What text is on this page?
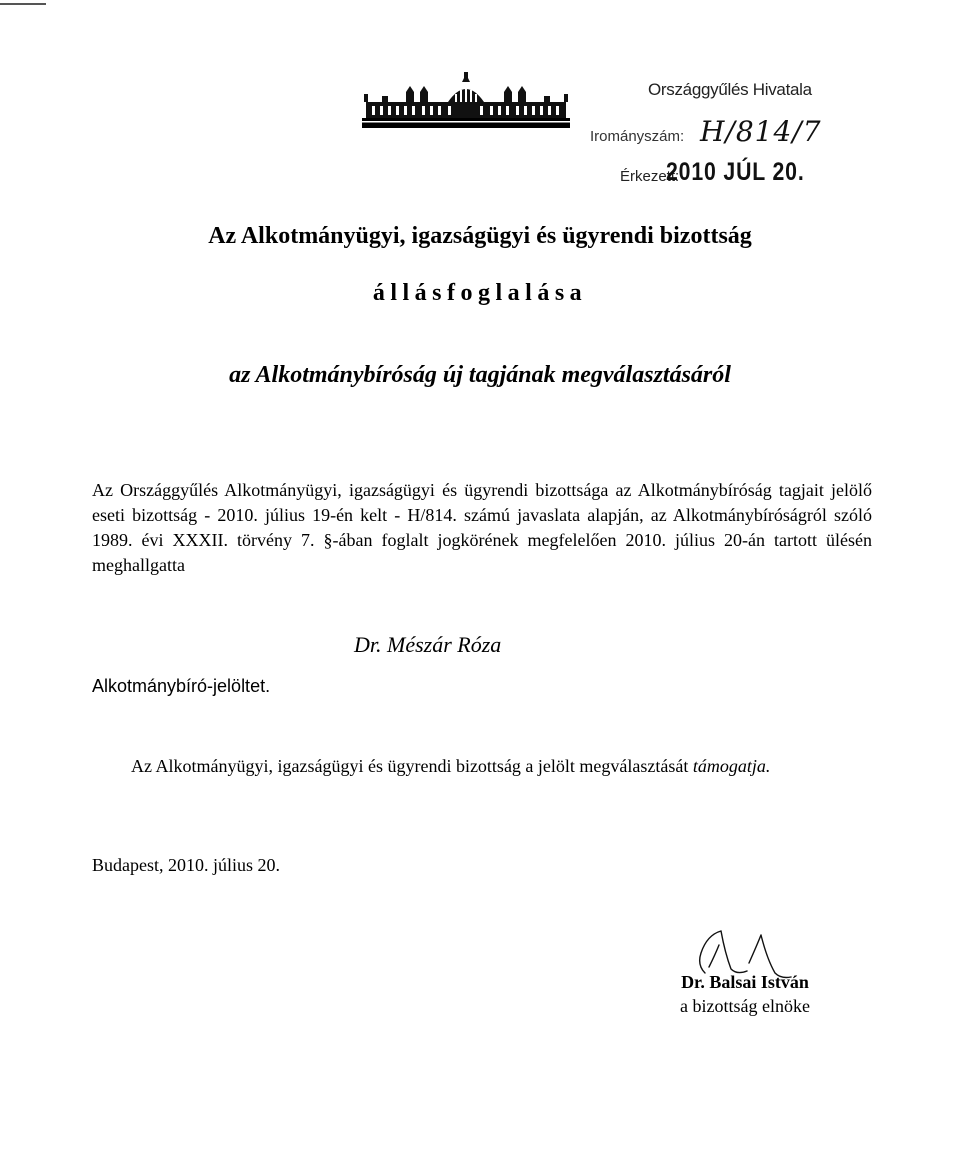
Országgyűlés Hivatala
Irományszám: H/814/7
Érkezett:
2010 JÚL 20.
Az Alkotmányügyi, igazságügyi és ügyrendi bizottság
állásfoglalása
az Alkotmánybíróság új tagjának megválasztásáról
Az Országgyűlés Alkotmányügyi, igazságügyi és ügyrendi bizottsága az Alkotmánybíróság tagjait jelölő eseti bizottság - 2010. július 19-én kelt - H/814. számú javaslata alapján, az Alkotmánybíróságról szóló 1989. évi XXXII. törvény 7. §-ában foglalt jogkörének megfelelően 2010. július 20-án tartott ülésén meghallgatta
Dr. Mészár Róza
Alkotmánybíró-jelöltet.
Az Alkotmányügyi, igazságügyi és ügyrendi bizottság a jelölt megválasztását támogatja.
Budapest, 2010. július 20.
Dr. Balsai István
a bizottság elnöke
